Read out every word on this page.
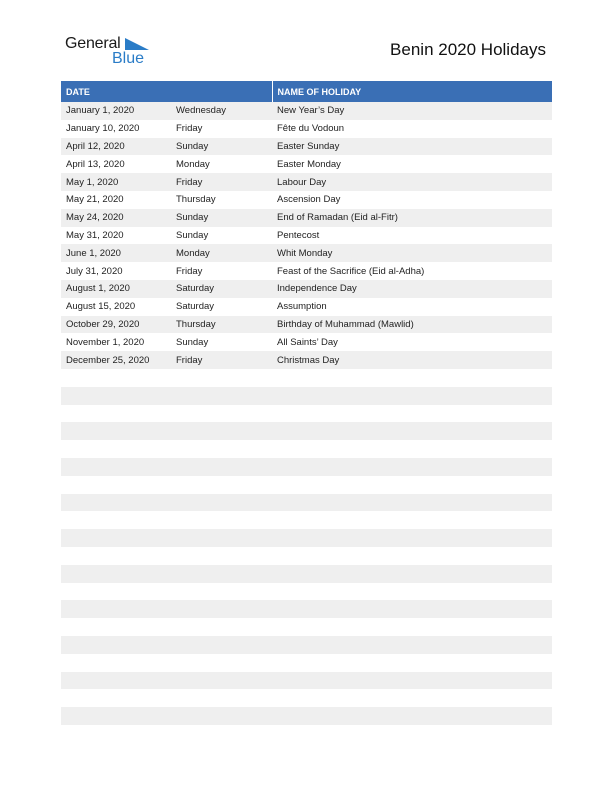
General
Blue	Benin 2020 Holidays
DATE		NAME OF HOLIDAY
January 1, 2020	Wednesday	New Year’s Day
January 10, 2020	Friday	Fête du Vodoun
April 12, 2020	Sunday	Easter Sunday
April 13, 2020	Monday	Easter Monday
May 1, 2020	Friday	Labour Day
May 21, 2020	Thursday	Ascension Day
May 24, 2020	Sunday	End of Ramadan (Eid al-Fitr)
May 31, 2020	Sunday	Pentecost
June 1, 2020	Monday	Whit Monday
July 31, 2020	Friday	Feast of the Sacrifice (Eid al-Adha)
August 1, 2020	Saturday	Independence Day
August 15, 2020	Saturday	Assumption
October 29, 2020	Thursday	Birthday of Muhammad (Mawlid)
November 1, 2020	Sunday	All Saints’ Day
December 25, 2020	Friday	Christmas Day
